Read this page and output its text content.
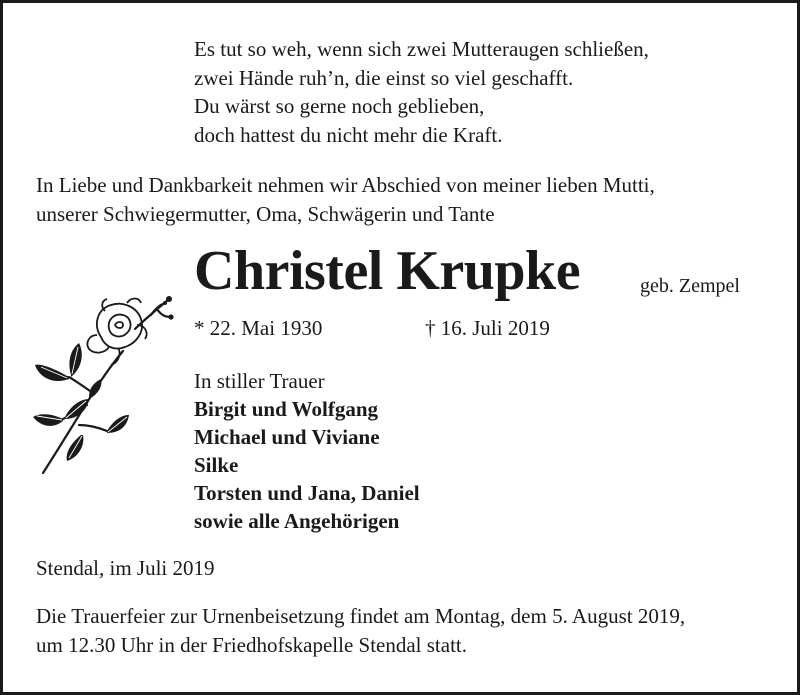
Es tut so weh, wenn sich zwei Mutteraugen schließen,
zwei Hände ruh’n, die einst so viel geschafft.
Du wärst so gerne noch geblieben,
doch hattest du nicht mehr die Kraft.
In Liebe und Dankbarkeit nehmen wir Abschied von meiner lieben Mutti,
unserer Schwiegermutter, Oma, Schwägerin und Tante
Christel Krupke	geb. Zempel
* 22. Mai 1930	† 16. Juli 2019
In stiller Trauer
Birgit und Wolfgang
Michael und Viviane
Silke
Torsten und Jana, Daniel
sowie alle Angehörigen
Stendal, im Juli 2019
Die Trauerfeier zur Urnenbeisetzung findet am Montag, dem 5. August 2019,
um 12.30 Uhr in der Friedhofskapelle Stendal statt.
